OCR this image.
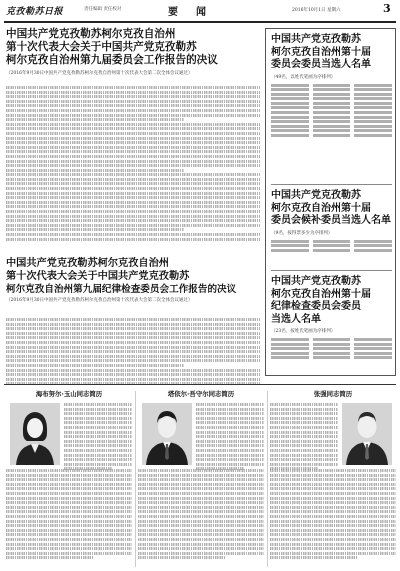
克孜勒苏日报	责任编辑 责任校对	要闻	2016年10月1日 星期六	3
中国共产党克孜勒苏柯尔克孜自治州
第十次代表大会关于中国共产党克孜勒苏
柯尔克孜自治州第九届委员会工作报告的决议
（2016年9月30日中国共产党克孜勒苏柯尔克孜自治州第十次代表大会第二次全体会议通过）
中国共产党克孜勒苏柯尔克孜自治州
第十次代表大会关于中国共产党克孜勒苏
柯尔克孜自治州第九届纪律检查委员会工作报告的决议
（2016年9月30日中国共产党克孜勒苏柯尔克孜自治州第十次代表大会第二次全体会议通过）
中国共产党克孜勒苏
柯尔克孜自治州第十届
委员会委员当选人名单
（49名，以姓氏笔画为序排列）
中国共产党克孜勒苏
柯尔克孜自治州第十届
委员会候补委员当选人名单
（9名，按得票多少为序排列）
中国共产党克孜勒苏
柯尔克孜自治州第十届
纪律检查委员会委员
当选人名单
（23名，按姓氏笔画为序排列）
海布努尔·玉山同志简历	塔依尔·吾守尔同志简历	张强同志简历
